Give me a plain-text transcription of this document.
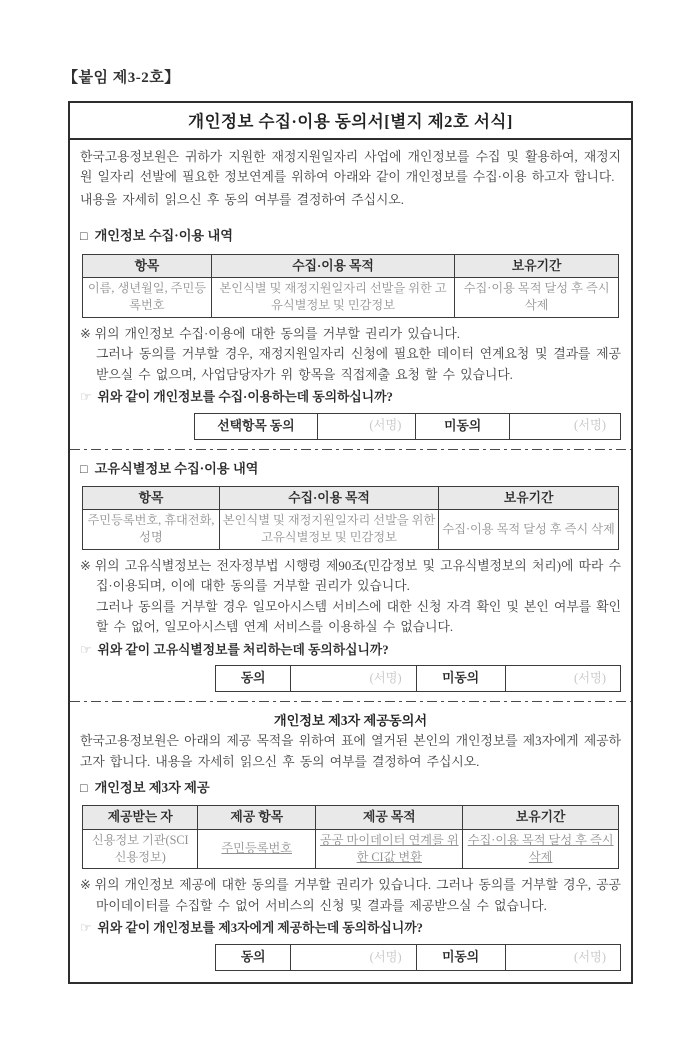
【붙임 제3-2호】
개인정보 수집·이용 동의서[별지 제2호 서식]

한국고용정보원은 귀하가 지원한 재정지원일자리 사업에 개인정보를 수집 및 활용하여, 재정지원 일자리 선발에 필요한 정보연계를 위하여 아래와 같이 개인정보를 수집·이용 하고자 합니다.

내용을 자세히 읽으신 후 동의 여부를 결정하여 주십시오.

□ 개인정보 수집·이용 내역
항목	수집·이용 목적	보유기간
이름, 생년월일, 주민등록번호	본인식별 및 재정지원일자리 선발을 위한 고유식별정보 및 민감정보	수집·이용 목적 달성 후 즉시 삭제

※ 위의 개인정보 수집·이용에 대한 동의를 거부할 권리가 있습니다.

그러나 동의를 거부할 경우, 재정지원일자리 신청에 필요한 데이터 연계요청 및 결과를 제공 받으실 수 없으며, 사업담당자가 위 항목을 직접제출 요청 할 수 있습니다.

☞ 위와 같이 개인정보를 수집·이용하는데 동의하십니까?

선택항목 동의	(서명)	미동의	(서명)
□ 고유식별정보 수집·이용 내역
항목	수집·이용 목적	보유기간
주민등록번호, 휴대전화, 성명	본인식별 및 재정지원일자리 선발을 위한 고유식별정보 및 민감정보	수집·이용 목적 달성 후 즉시 삭제

※ 위의 고유식별정보는 전자정부법 시행령 제90조(민감정보 및 고유식별정보의 처리)에 따라 수집·이용되며, 이에 대한 동의를 거부할 권리가 있습니다.

그러나 동의를 거부할 경우 일모아시스템 서비스에 대한 신청 자격 확인 및 본인 여부를 확인할 수 없어, 일모아시스템 연계 서비스를 이용하실 수 없습니다.

☞ 위와 같이 고유식별정보를 처리하는데 동의하십니까?

동의	(서명)	미동의	(서명)
개인정보 제3자 제공동의서

한국고용정보원은 아래의 제공 목적을 위하여 표에 열거된 본인의 개인정보를 제3자에게 제공하고자 합니다. 내용을 자세히 읽으신 후 동의 여부를 결정하여 주십시오.

□ 개인정보 제3자 제공
제공받는 자	제공 항목	제공 목적	보유기간
신용정보 기관(SCI신용정보)	주민등록번호	공공 마이데이터 연계를 위한 CI값 변환	수집·이용 목적 달성 후 즉시 삭제

※ 위의 개인정보 제공에 대한 동의를 거부할 권리가 있습니다. 그러나 동의를 거부할 경우, 공공 마이데이터를 수집할 수 없어 서비스의 신청 및 결과를 제공받으실 수 없습니다.

☞ 위와 같이 개인정보를 제3자에게 제공하는데 동의하십니까?

동의	(서명)	미동의	(서명)
